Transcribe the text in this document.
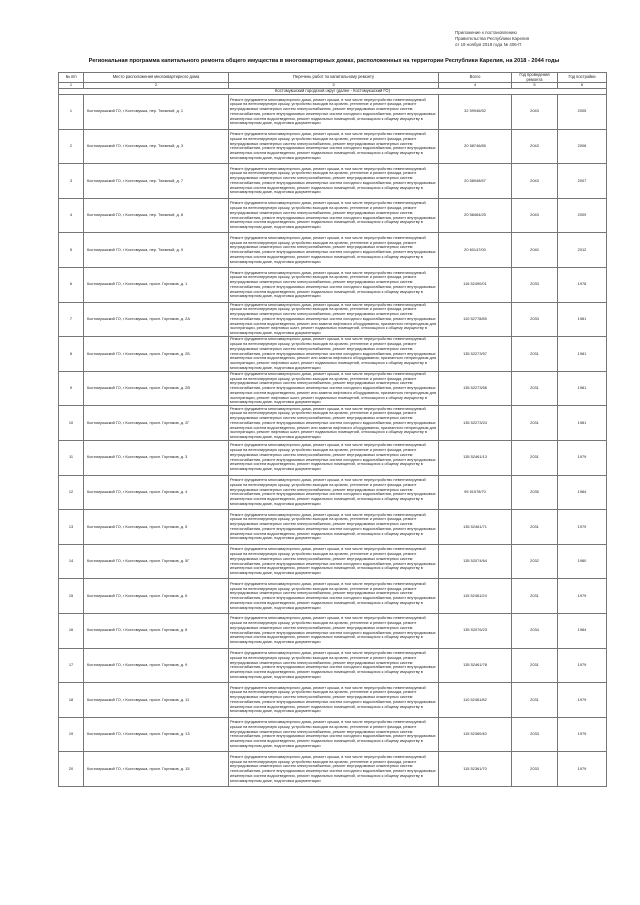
Приложение к постановлению
Правительства Республики Карелия
от 19 ноября 2018 года № 406-П
Региональная программа капитального ремонта общего имущества в многоквартирных домах, расположенных на территории Республики Карелия, на 2018 - 2044 годы
№ п/п	Место расположения многоквартирного дома	Перечень работ по капитальному ремонту	Всего	Год проведения ремонта	Год постройки
1	2	3	4	5	6
Костомукшский городской округ (далее - Костомукшский ГО)					
1	Костомукшский ГО, г Костомукша, пер. Таежный, д. 1	Ремонт фундамента многоквартирного дома, ремонт крыши, в том числе переустройство невентилируемой крыши на вентилируемую крышу, устройство выходов на кровлю, утепление и ремонт фасада, ремонт внутридомовых инженерных систем электроснабжения, ремонт внутридомовых инженерных систем теплоснабжения, ремонт внутридомовых инженерных систем холодного водоснабжения, ремонт внутридомовых инженерных систем водоотведения, ремонт подвальных помещений, относящихся к общему имуществу в многоквартирном доме, подготовка документации	32 59946/52	2043	2005
2	Костомукшский ГО, г Костомукша, пер. Таежный, д. 3	Ремонт фундамента многоквартирного дома, ремонт крыши, в том числе переустройство невентилируемой крыши на вентилируемую крышу, устройство выходов на кровлю, утепление и ремонт фасада, ремонт внутридомовых инженерных систем электроснабжения, ремонт внутридомовых инженерных систем теплоснабжения, ремонт внутридомовых инженерных систем холодного водоснабжения, ремонт внутридомовых инженерных систем водоотведения, ремонт подвальных помещений, относящихся к общему имуществу в многоквартирном доме, подготовка документации	20 58746/85	2043	2008
3	Костомукшский ГО, г Костомукша, пер. Таежный, д. 7	Ремонт фундамента многоквартирного дома, ремонт крыши, в том числе переустройство невентилируемой крыши на вентилируемую крышу, устройство выходов на кровлю, утепление и ремонт фасада, ремонт внутридомовых инженерных систем электроснабжения, ремонт внутридомовых инженерных систем теплоснабжения, ремонт внутридомовых инженерных систем холодного водоснабжения, ремонт внутридомовых инженерных систем водоотведения, ремонт подвальных помещений, относящихся к общему имуществу в многоквартирном доме, подготовка документации	20 58948/57	2043	2007
4	Костомукшский ГО, г Костомукша, пер. Таежный, д. 8	Ремонт фундамента многоквартирного дома, ремонт крыши, в том числе переустройство невентилируемой крыши на вентилируемую крышу, устройство выходов на кровлю, утепление и ремонт фасада, ремонт внутридомовых инженерных систем электроснабжения, ремонт внутридомовых инженерных систем теплоснабжения, ремонт внутридомовых инженерных систем холодного водоснабжения, ремонт внутридомовых инженерных систем водоотведения, ремонт подвальных помещений, относящихся к общему имуществу в многоквартирном доме, подготовка документации	20 58464/25	2043	2009
5	Костомукшский ГО, г Костомукша, пер. Таежный, д. 9	Ремонт фундамента многоквартирного дома, ремонт крыши, в том числе переустройство невентилируемой крыши на вентилируемую крышу, устройство выходов на кровлю, утепление и ремонт фасада, ремонт внутридомовых инженерных систем электроснабжения, ремонт внутридомовых инженерных систем теплоснабжения, ремонт внутридомовых инженерных систем холодного водоснабжения, ремонт внутридомовых инженерных систем водоотведения, ремонт подвальных помещений, относящихся к общему имуществу в многоквартирном доме, подготовка документации	20 60147/00	2040	2012
6	Костомукшский ГО, г Костомукша, просп. Горняков, д. 1	Ремонт фундамента многоквартирного дома, ремонт крыши, в том числе переустройство невентилируемой крыши на вентилируемую крышу, устройство выходов на кровлю, утепление и ремонт фасада, ремонт внутридомовых инженерных систем электроснабжения, ремонт внутридомовых инженерных систем теплоснабжения, ремонт внутридомовых инженерных систем холодного водоснабжения, ремонт внутридомовых инженерных систем водоотведения, ремонт подвальных помещений, относящихся к общему имуществу в многоквартирном доме, подготовка документации	116 52490/01	2033	1978
7	Костомукшский ГО, г Костомукша, просп. Горняков, д. 2А	Ремонт фундамента многоквартирного дома, ремонт крыши, в том числе переустройство невентилируемой крыши на вентилируемую крышу, устройство выходов на кровлю, утепление и ремонт фасада, ремонт внутридомовых инженерных систем электроснабжения, ремонт внутридомовых инженерных систем теплоснабжения, ремонт внутридомовых инженерных систем холодного водоснабжения, ремонт внутридомовых инженерных систем водоотведения, ремонт или замена лифтового оборудования, признанного непригодным для эксплуатации, ремонт лифтовых шахт, ремонт подвальных помещений, относящихся к общему имуществу в многоквартирном доме, подготовка документации	110 52778/85	2033	1981
8	Костомукшский ГО, г Костомукша, просп. Горняков, д. 2Б	Ремонт фундамента многоквартирного дома, ремонт крыши, в том числе переустройство невентилируемой крыши на вентилируемую крышу, устройство выходов на кровлю, утепление и ремонт фасада, ремонт внутридомовых инженерных систем электроснабжения, ремонт внутридомовых инженерных систем теплоснабжения, ремонт внутридомовых инженерных систем холодного водоснабжения, ремонт внутридомовых инженерных систем водоотведения, ремонт или замена лифтового оборудования, признанного непригодным для эксплуатации, ремонт лифтовых шахт, ремонт подвальных помещений, относящихся к общему имуществу в многоквартирном доме, подготовка документации	135 52273/57	2031	1981
9	Костомукшский ГО, г Костомукша, просп. Горняков, д. 2В	Ремонт фундамента многоквартирного дома, ремонт крыши, в том числе переустройство невентилируемой крыши на вентилируемую крышу, устройство выходов на кровлю, утепление и ремонт фасада, ремонт внутридомовых инженерных систем электроснабжения, ремонт внутридомовых инженерных систем теплоснабжения, ремонт внутридомовых инженерных систем холодного водоснабжения, ремонт внутридомовых инженерных систем водоотведения, ремонт или замена лифтового оборудования, признанного непригодным для эксплуатации, ремонт лифтовых шахт, ремонт подвальных помещений, относящихся к общему имуществу в многоквартирном доме, подготовка документации	135 52273/56	2031	1981
10	Костомукшский ГО, г Костомукша, просп. Горняков, д. 2Г	Ремонт фундамента многоквартирного дома, ремонт крыши, в том числе переустройство невентилируемой крыши на вентилируемую крышу, устройство выходов на кровлю, утепление и ремонт фасада, ремонт внутридомовых инженерных систем электроснабжения, ремонт внутридомовых инженерных систем теплоснабжения, ремонт внутридомовых инженерных систем холодного водоснабжения, ремонт внутридомовых инженерных систем водоотведения, ремонт или замена лифтового оборудования, признанного непригодным для эксплуатации, ремонт лифтовых шахт, ремонт подвальных помещений, относящихся к общему имуществу в многоквартирном доме, подготовка документации	135 52273/24	2031	1981
11	Костомукшский ГО, г Костомукша, просп. Горняков, д. 3	Ремонт фундамента многоквартирного дома, ремонт крыши, в том числе переустройство невентилируемой крыши на вентилируемую крышу, устройство выходов на кровлю, утепление и ремонт фасада, ремонт внутридомовых инженерных систем электроснабжения, ремонт внутридомовых инженерных систем теплоснабжения, ремонт внутридомовых инженерных систем холодного водоснабжения, ремонт внутридомовых инженерных систем водоотведения, ремонт подвальных помещений, относящихся к общему имуществу в многоквартирном доме, подготовка документации	135 52461/13	2031	1979
12	Костомукшский ГО, г Костомукша, просп. Горняков, д. 4	Ремонт фундамента многоквартирного дома, ремонт крыши, в том числе переустройство невентилируемой крыши на вентилируемую крышу, устройство выходов на кровлю, утепление и ремонт фасада, ремонт внутридомовых инженерных систем электроснабжения, ремонт внутридомовых инженерных систем теплоснабжения, ремонт внутридомовых инженерных систем холодного водоснабжения, ремонт внутридомовых инженерных систем водоотведения, ремонт подвальных помещений, относящихся к общему имуществу в многоквартирном доме, подготовка документации	95 51978/70	2035	1984
13	Костомукшский ГО, г Костомукша, просп. Горняков, д. 5	Ремонт фундамента многоквартирного дома, ремонт крыши, в том числе переустройство невентилируемой крыши на вентилируемую крышу, устройство выходов на кровлю, утепление и ремонт фасада, ремонт внутридомовых инженерных систем электроснабжения, ремонт внутридомовых инженерных систем теплоснабжения, ремонт внутридомовых инженерных систем холодного водоснабжения, ремонт внутридомовых инженерных систем водоотведения, ремонт подвальных помещений, относящихся к общему имуществу в многоквартирном доме, подготовка документации	135 52461/71	2031	1979
14	Костомукшский ГО, г Костомукша, просп. Горняков, д. 5Г	Ремонт фундамента многоквартирного дома, ремонт крыши, в том числе переустройство невентилируемой крыши на вентилируемую крышу, устройство выходов на кровлю, утепление и ремонт фасада, ремонт внутридомовых инженерных систем электроснабжения, ремонт внутридомовых инженерных систем теплоснабжения, ремонт внутридомовых инженерных систем холодного водоснабжения, ремонт внутридомовых инженерных систем водоотведения, ремонт подвальных помещений, относящихся к общему имуществу в многоквартирном доме, подготовка документации	135 52074/64	2032	1980
15	Костомукшский ГО, г Костомукша, просп. Горняков, д. 6	Ремонт фундамента многоквартирного дома, ремонт крыши, в том числе переустройство невентилируемой крыши на вентилируемую крышу, устройство выходов на кровлю, утепление и ремонт фасада, ремонт внутридомовых инженерных систем электроснабжения, ремонт внутридомовых инженерных систем теплоснабжения, ремонт внутридомовых инженерных систем холодного водоснабжения, ремонт внутридомовых инженерных систем водоотведения, ремонт подвальных помещений, относящихся к общему имуществу в многоквартирном доме, подготовка документации	115 52461/24	2031	1979
16	Костомукшский ГО, г Костомукша, просп. Горняков, д. 8	Ремонт фундамента многоквартирного дома, ремонт крыши, в том числе переустройство невентилируемой крыши на вентилируемую крышу, устройство выходов на кровлю, утепление и ремонт фасада, ремонт внутридомовых инженерных систем электроснабжения, ремонт внутридомовых инженерных систем теплоснабжения, ремонт внутридомовых инженерных систем холодного водоснабжения, ремонт внутридомовых инженерных систем водоотведения, ремонт подвальных помещений, относящихся к общему имуществу в многоквартирном доме, подготовка документации	135 52076/23	2034	1984
17	Костомукшский ГО, г Костомукша, просп. Горняков, д. 9	Ремонт фундамента многоквартирного дома, ремонт крыши, в том числе переустройство невентилируемой крыши на вентилируемую крышу, устройство выходов на кровлю, утепление и ремонт фасада, ремонт внутридомовых инженерных систем электроснабжения, ремонт внутридомовых инженерных систем теплоснабжения, ремонт внутридомовых инженерных систем холодного водоснабжения, ремонт внутридомовых инженерных систем водоотведения, ремонт подвальных помещений, относящихся к общему имуществу в многоквартирном доме, подготовка документации	135 52461/78	2031	1979
18	Костомукшский ГО, г Костомукша, просп. Горняков, д. 11	Ремонт фундамента многоквартирного дома, ремонт крыши, в том числе переустройство невентилируемой крыши на вентилируемую крышу, устройство выходов на кровлю, утепление и ремонт фасада, ремонт внутридомовых инженерных систем электроснабжения, ремонт внутридомовых инженерных систем теплоснабжения, ремонт внутридомовых инженерных систем холодного водоснабжения, ремонт внутридомовых инженерных систем водоотведения, ремонт подвальных помещений, относящихся к общему имуществу в многоквартирном доме, подготовка документации	110 52461/82	2031	1979
19	Костомукшский ГО, г Костомукша, просп. Горняков, д. 13	Ремонт фундамента многоквартирного дома, ремонт крыши, в том числе переустройство невентилируемой крыши на вентилируемую крышу, устройство выходов на кровлю, утепление и ремонт фасада, ремонт внутридомовых инженерных систем электроснабжения, ремонт внутридомовых инженерных систем теплоснабжения, ремонт внутридомовых инженерных систем холодного водоснабжения, ремонт внутридомовых инженерных систем водоотведения, ремонт подвальных помещений, относящихся к общему имуществу в многоквартирном доме, подготовка документации	115 52360/40	2033	1979
20	Костомукшский ГО, г Костомукша, просп. Горняков, д. 15	Ремонт фундамента многоквартирного дома, ремонт крыши, в том числе переустройство невентилируемой крыши на вентилируемую крышу, устройство выходов на кровлю, утепление и ремонт фасада, ремонт внутридомовых инженерных систем электроснабжения, ремонт внутридомовых инженерных систем теплоснабжения, ремонт внутридомовых инженерных систем холодного водоснабжения, ремонт внутридомовых инженерных систем водоотведения, ремонт подвальных помещений, относящихся к общему имуществу в многоквартирном доме, подготовка документации	115 52361/70	2033	1979
